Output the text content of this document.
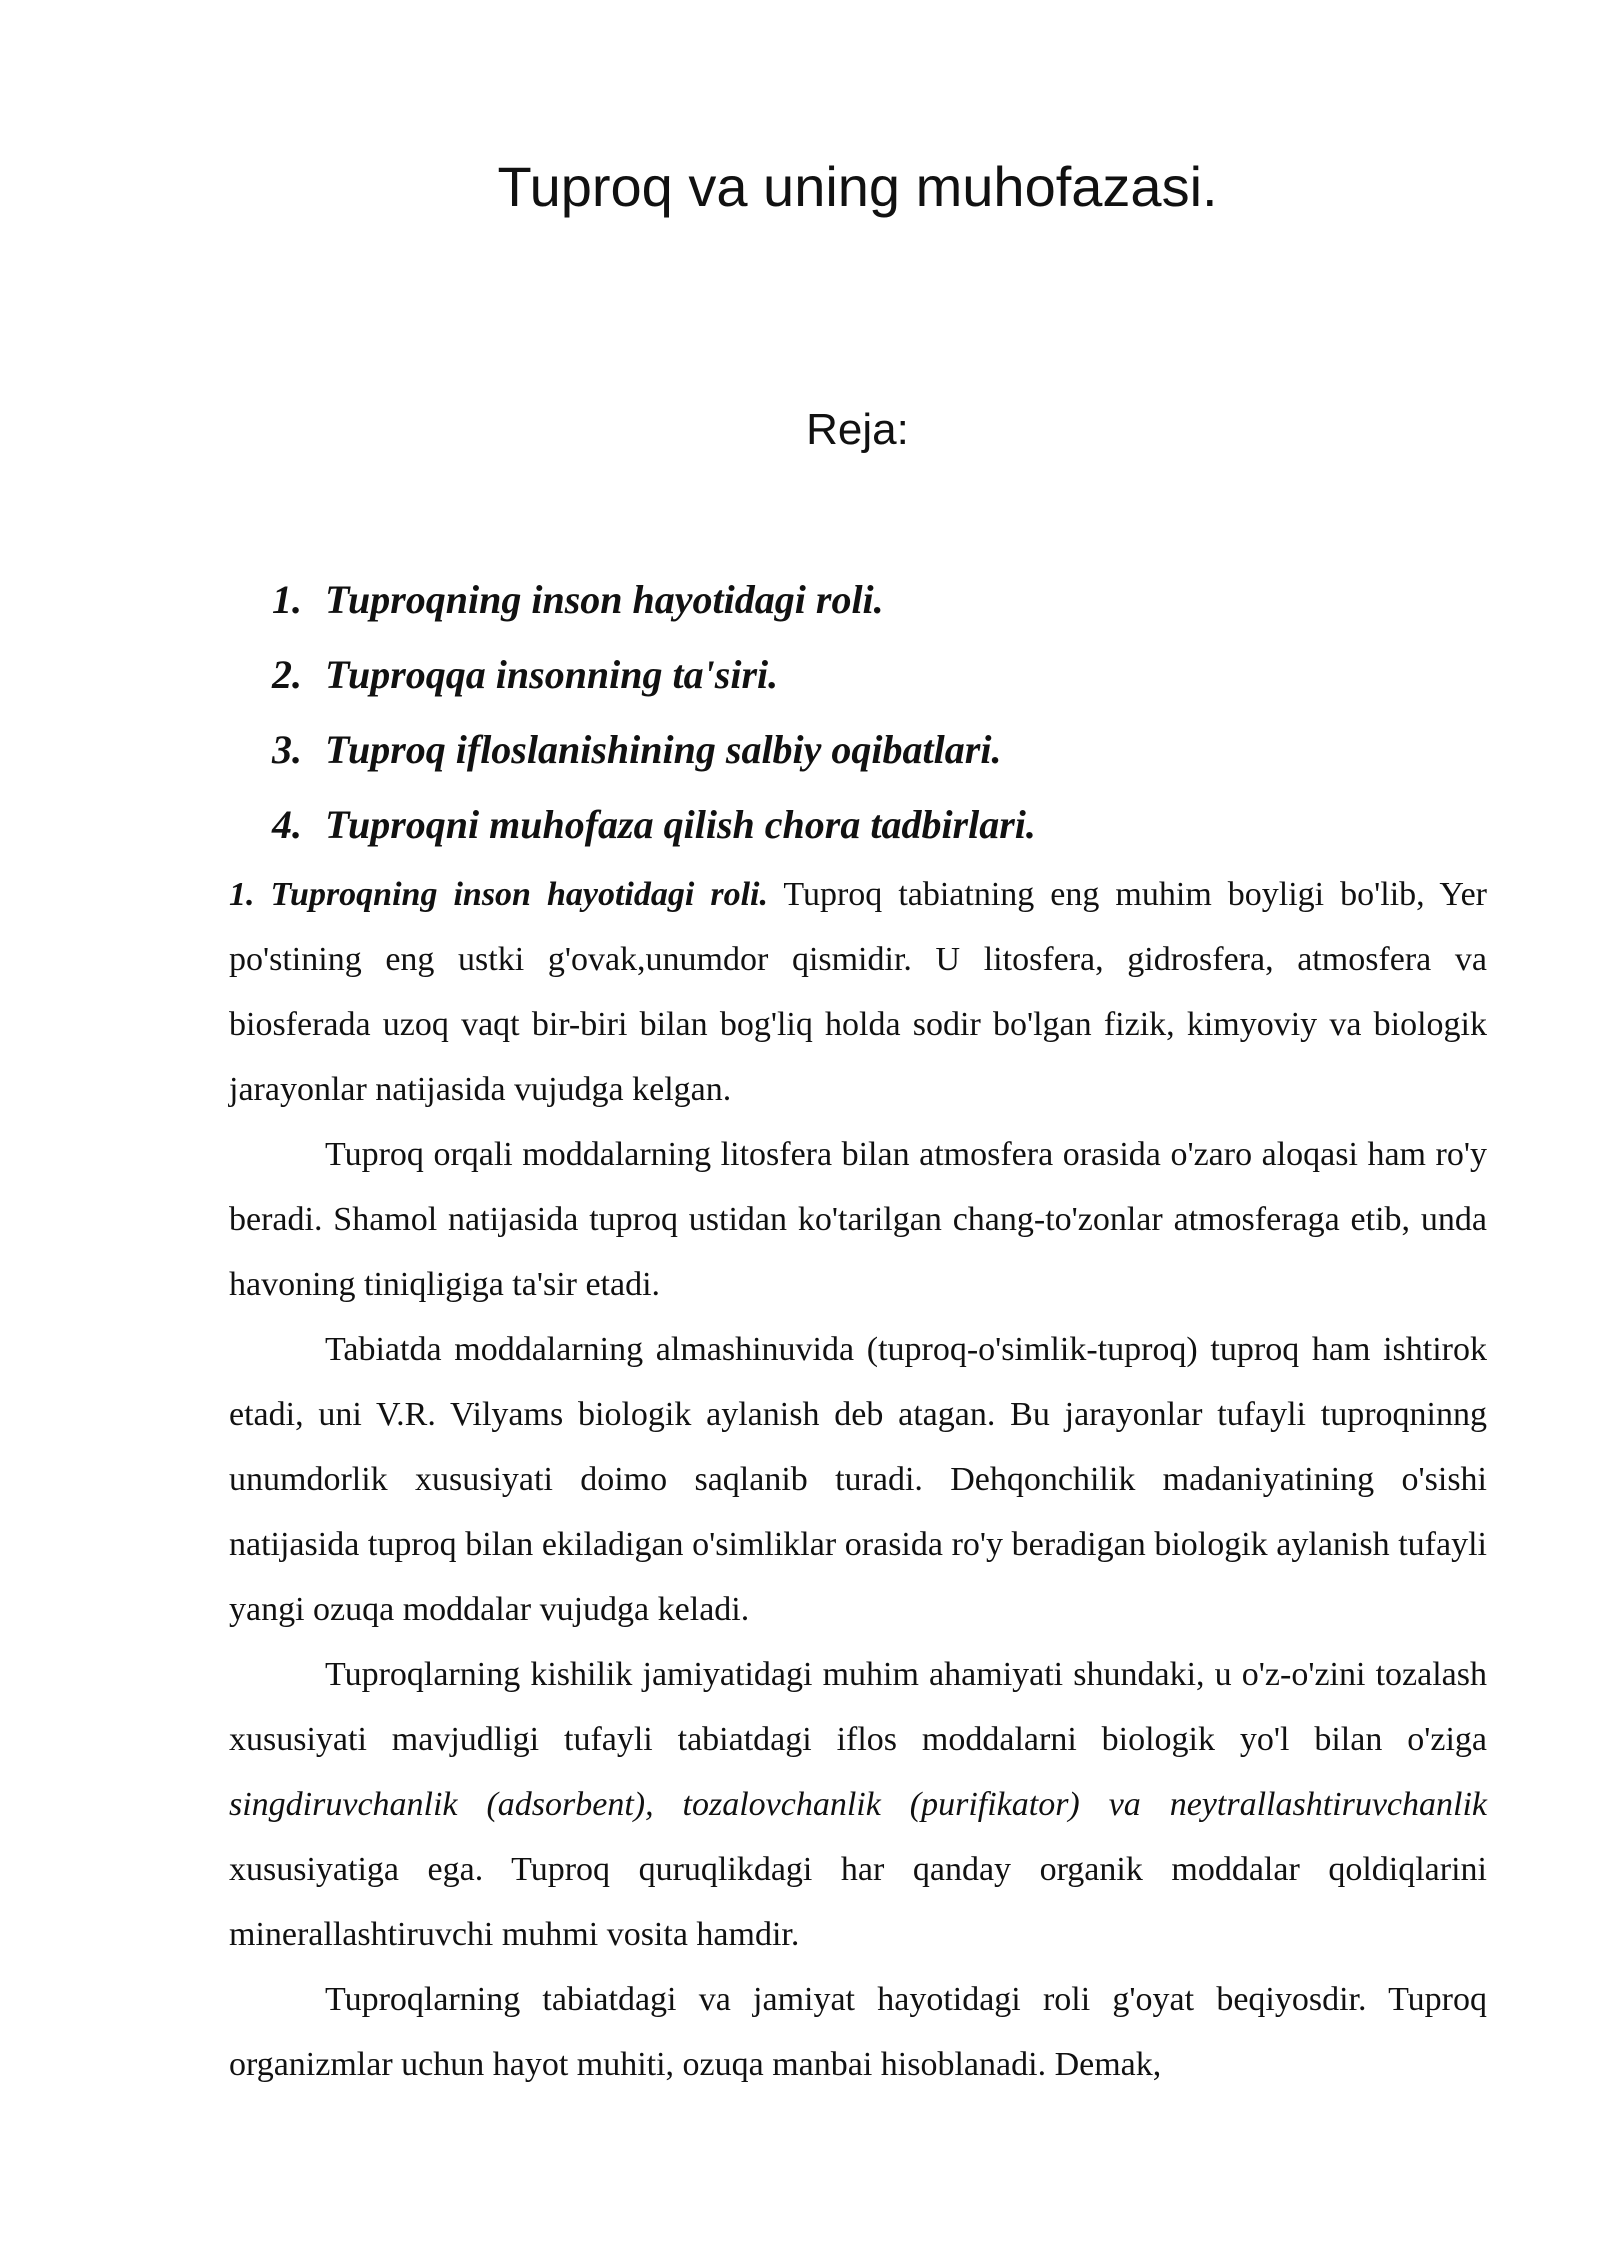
Tuproq va uning muhofazasi.
Reja:
1. Tuproqning inson hayotidagi roli.
2. Tuproqqa insonning ta'siri.
3. Tuproq ifloslanishining salbiy oqibatlari.
4. Tuproqni muhofaza qilish chora tadbirlari.

1. Tuproqning inson hayotidagi roli. Tuproq tabiatning eng muhim boyligi bo'lib, Yer po'stining eng ustki g'ovak,unumdor qismidir. U litosfera, gidrosfera, atmosfera va biosferada uzoq vaqt bir-biri bilan bog'liq holda sodir bo'lgan fizik, kimyoviy va biologik jarayonlar natijasida vujudga kelgan.

Tuproq orqali moddalarning litosfera bilan atmosfera orasida o'zaro aloqasi ham ro'y beradi. Shamol natijasida tuproq ustidan ko'tarilgan chang-to'zonlar atmosferaga etib, unda havoning tiniqligiga ta'sir etadi.

Tabiatda moddalarning almashinuvida (tuproq-o'simlik-tuproq) tuproq ham ishtirok etadi, uni V.R. Vilyams biologik aylanish deb atagan. Bu jarayonlar tufayli tuproqninng unumdorlik xususiyati doimo saqlanib turadi. Dehqonchilik madaniyatining o'sishi natijasida tuproq bilan ekiladigan o'simliklar orasida ro'y beradigan biologik aylanish tufayli yangi ozuqa moddalar vujudga keladi.

Tuproqlarning kishilik jamiyatidagi muhim ahamiyati shundaki, u o'z-o'zini tozalash xususiyati mavjudligi tufayli tabiatdagi iflos moddalarni biologik yo'l bilan o'ziga singdiruvchanlik (adsorbent), tozalovchanlik (purifikator) va neytrallashtiruvchanlik xususiyatiga ega. Tuproq quruqlikdagi har qanday organik moddalar qoldiqlarini minerallashtiruvchi muhmi vosita hamdir.

Tuproqlarning tabiatdagi va jamiyat hayotidagi roli g'oyat beqiyosdir. Tuproq organizmlar uchun hayot muhiti, ozuqa manbai hisoblanadi. Demak,
